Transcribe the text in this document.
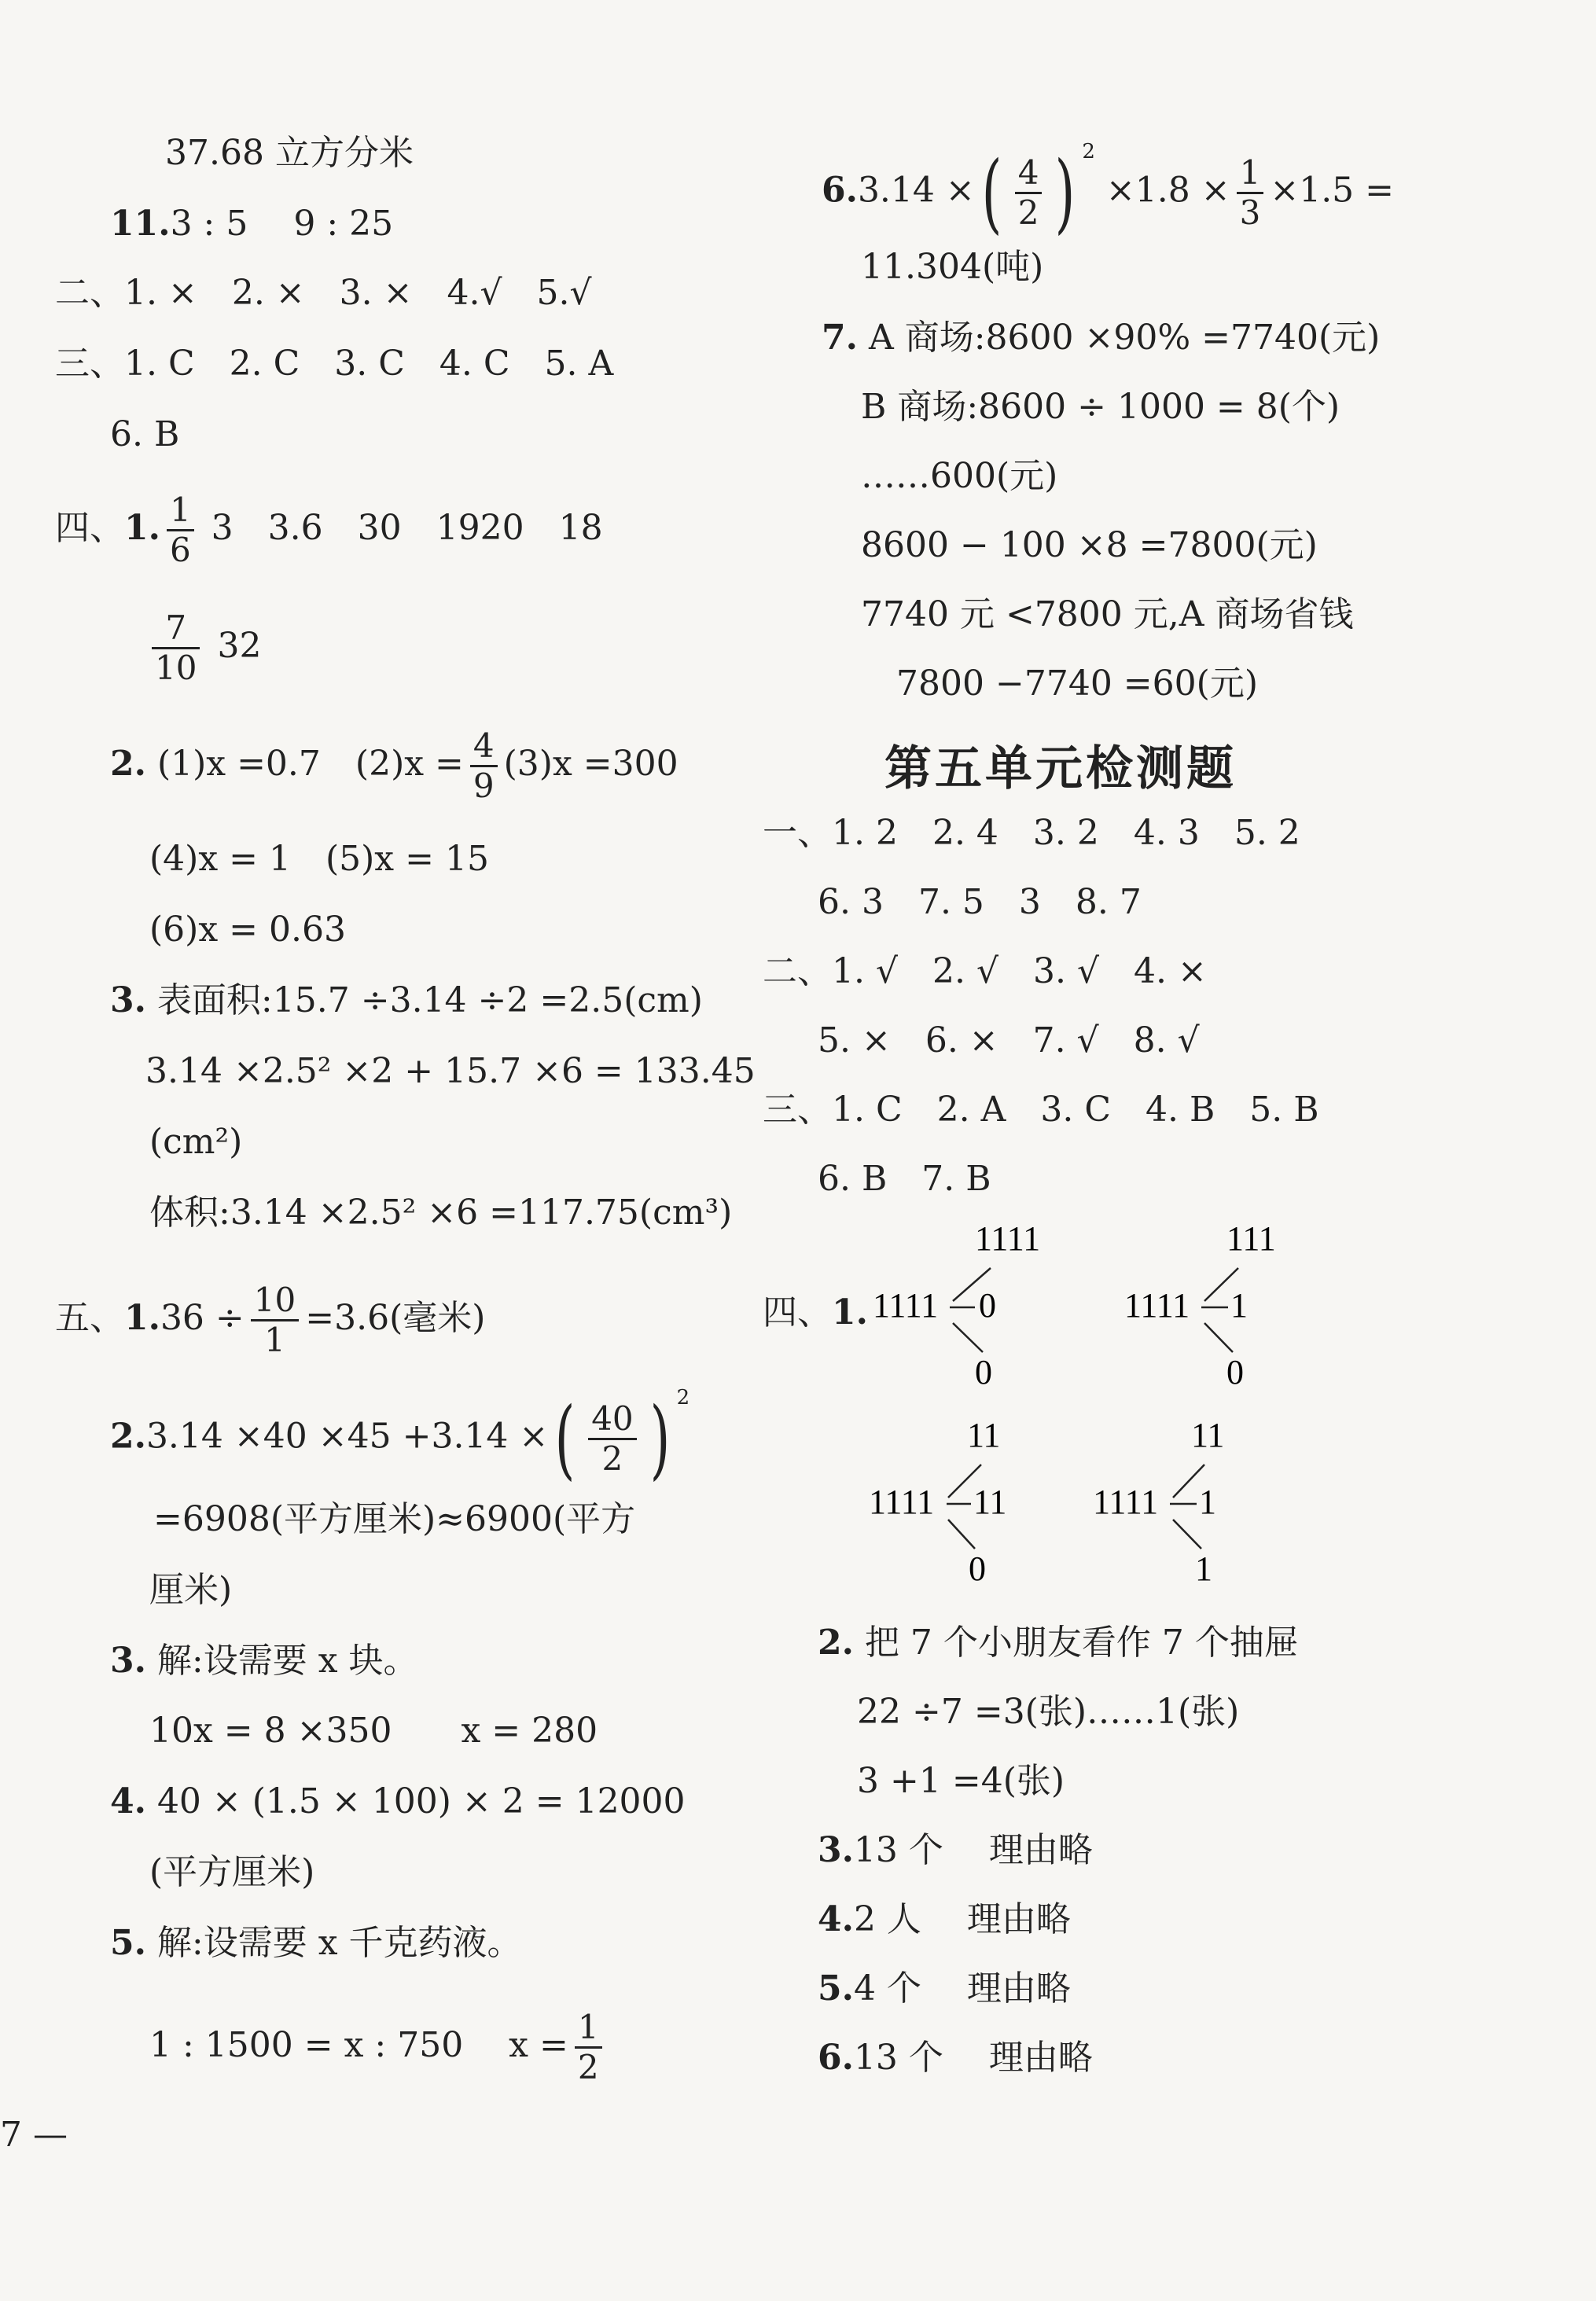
37.68 立方分米
11.3 : 5　 9 : 25
二、1. ×　2. ×　3. ×　4.√　5.√
三、1. C　2. C　3. C　4. C　5. A
6. B
四、1. $\frac{1}{6} 3$　3.6　30　1920　18
$\frac{7}{10} 32$
2. (1)x =0.7　$(2)x = \frac{4}{9} (3)x =300$
(4)x = 1　(5)x = 15
(6)x = 0.63
3. 表面积:15.7 ÷3.14 ÷2 =2.5(cm)
3.14 ×2.5² ×2 + 15.7 ×6 = 133.45
(cm²)
体积:3.14 ×2.5² ×6 =117.75(cm³)
五、$1.36 \div \frac{10}{1} =3.6$(毫米)
2.3.14 ×40 ×45 +3.14 ×( $\frac{40}{2}$ ) $^2$
=6908(平方厘米)≈6900(平方
厘米)
3. 解:设需要 x 块。
10x = 8 ×350　　x = 280
4. 40 × (1.5 × 100) × 2 = 12000
(平方厘米)
5. 解:设需要 x 千克药液。
1 : 1500 = x : 750　 $x = \frac{1}{2}$
6.3.14 ×( $\frac{4}{2}$ ) $^2 \times 1.8 \times \frac{1}{3} \times 1.5$ =
11.304(吨)
7. A 商场:8600 ×90% =7740(元)
B 商场:8600 ÷ 1000 = 8(个)
……600(元)
8600 − 100 ×8 =7800(元)
7740 元 <7800 元,A 商场省钱
7800 −7740 =60(元)
第五单元检测题
一、1. 2　2. 4　3. 2　4. 3　5. 2
6. 3　7. 5　3　8. 7
二、1. √　2. √　3. √　4. ×
5. ×　6. ×　7. √　8. √
三、1. C　2. A　3. C　4. B　5. B
6. B　7. B
四、1. 1111
1111
0
0
1111
111
1
0
1111
11
11
0
1111
11
1
1
2. 把 7 个小朋友看作 7 个抽屉
22 ÷7 =3(张)……1(张)
3 +1 =4(张)
3.13 个　 理由略
4.2 人　 理由略
5.4 个　 理由略
6.13 个　 理由略
7 —
